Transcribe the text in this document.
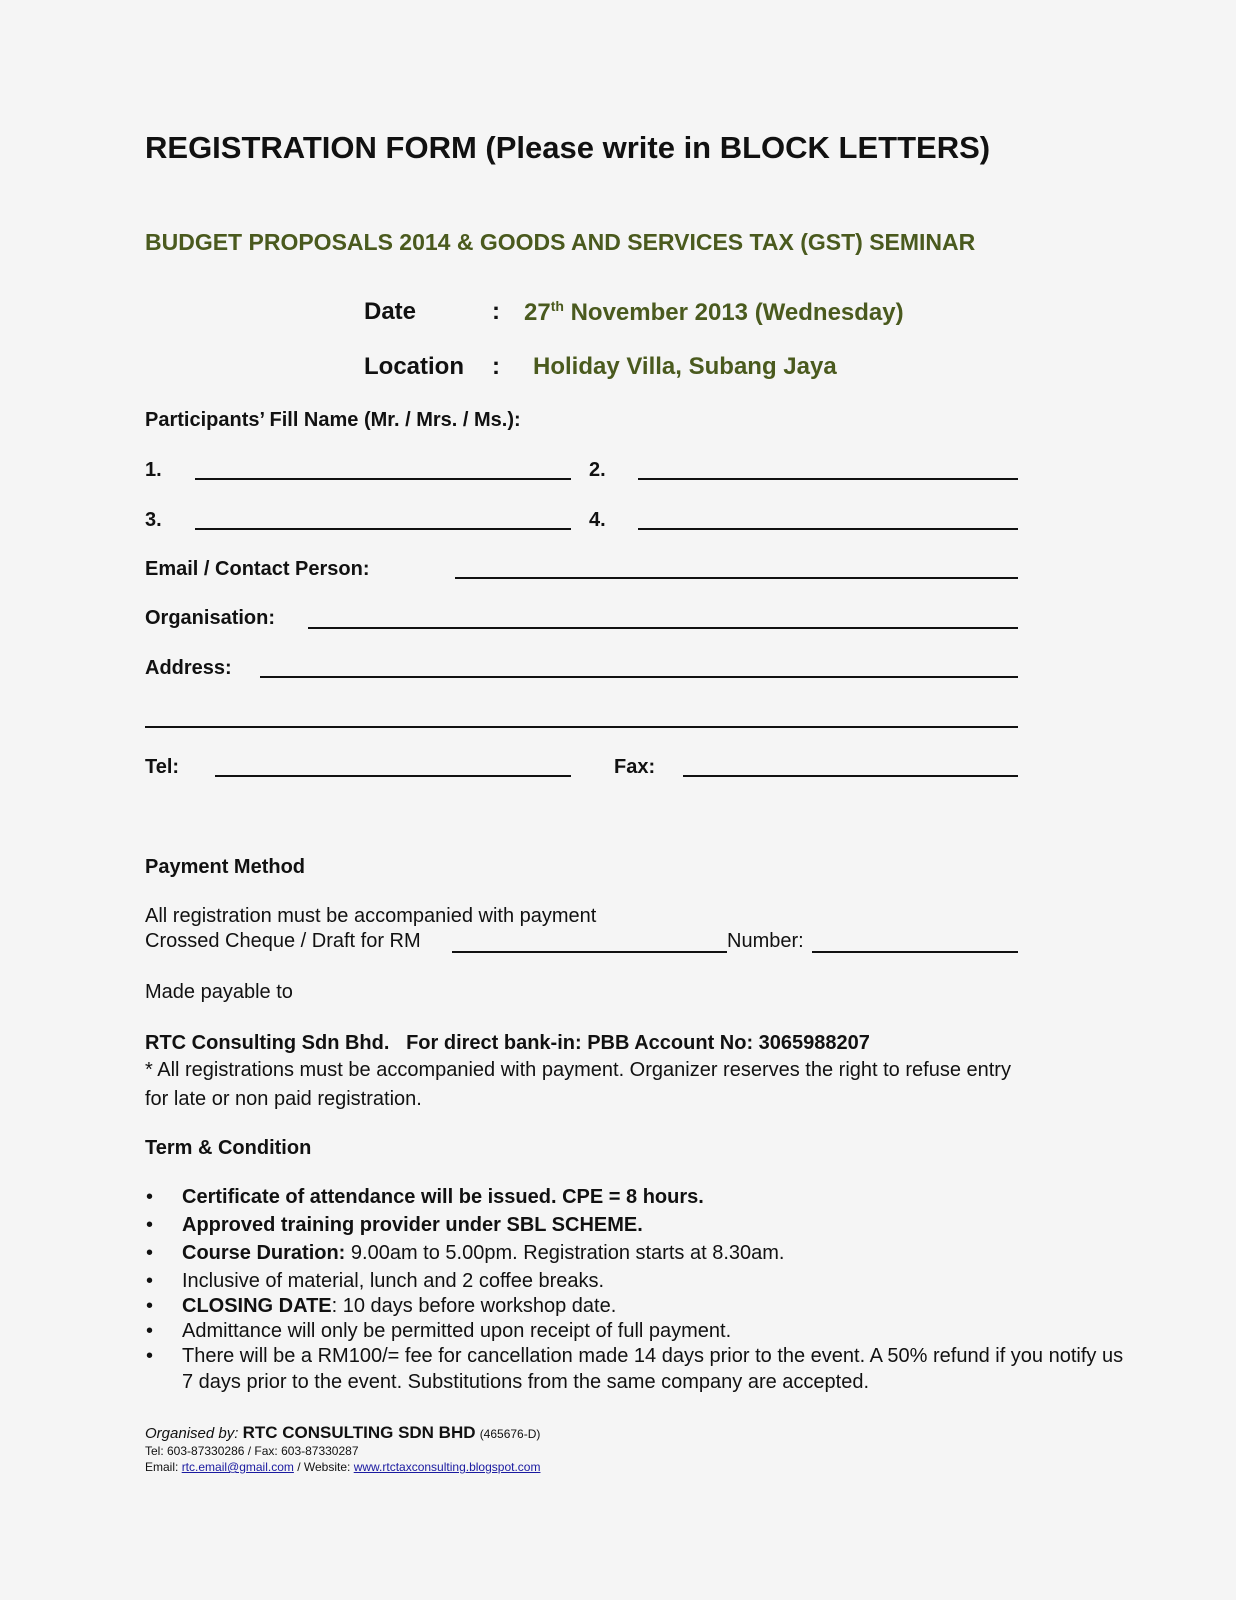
REGISTRATION FORM (Please write in BLOCK LETTERS)
BUDGET PROPOSALS 2014 & GOODS AND SERVICES TAX (GST) SEMINAR
Date	: 27th November 2013 (Wednesday)
Location : Holiday Villa, Subang Jaya
Participants’ Fill Name (Mr. / Mrs. / Ms.):
1.	2.
3.	4.
Email / Contact Person:
Organisation:
Address:
Tel:	Fax:
Payment Method
All registration must be accompanied with payment
Crossed Cheque / Draft for RM	Number:
Made payable to
RTC Consulting Sdn Bhd. For direct bank-in: PBB Account No: 3065988207
* All registrations must be accompanied with payment. Organizer reserves the right to refuse entry
for late or non paid registration.
Term & Condition
• Certificate of attendance will be issued. CPE = 8 hours.
• Approved training provider under SBL SCHEME.
• Course Duration: 9.00am to 5.00pm. Registration starts at 8.30am.
• Inclusive of material, lunch and 2 coffee breaks.
• CLOSING DATE: 10 days before workshop date.
• Admittance will only be permitted upon receipt of full payment.
• There will be a RM100/= fee for cancellation made 14 days prior to the event. A 50% refund if you notify us
7 days prior to the event. Substitutions from the same company are accepted.
Organised by: RTC CONSULTING SDN BHD (465676-D)
Tel: 603-87330286 / Fax: 603-87330287
Email: rtc.email@gmail.com / Website: www.rtctaxconsulting.blogspot.com
